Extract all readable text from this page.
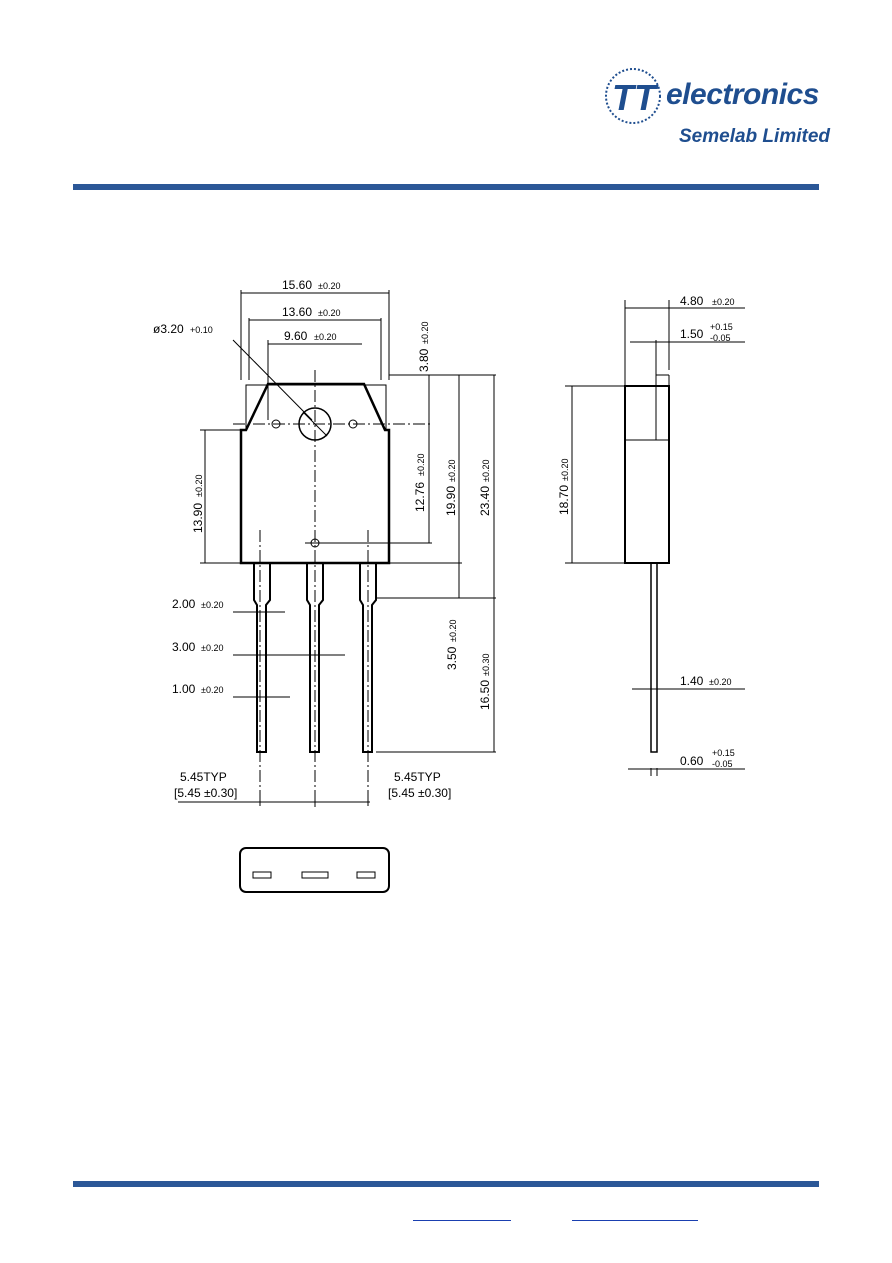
TT electronics
Semelab Limited
15.60 ±0.20
13.60 ±0.20
9.60 ±0.20
ø3.20 +0.10
3.80
±0.20
12.76
±0.20
19.90
±0.20
23.40
±0.20
13.90
±0.20
3.50
±0.20
16.50
±0.30
2.00 ±0.20
3.00 ±0.20
1.00 ±0.20
5.45TYP
[5.45 ±0.30]
5.45TYP
[5.45 ±0.30]
4.80 ±0.20
1.50 +0.15
-0.05
18.70
±0.20
1.40 ±0.20
0.60
+0.15
-0.05
